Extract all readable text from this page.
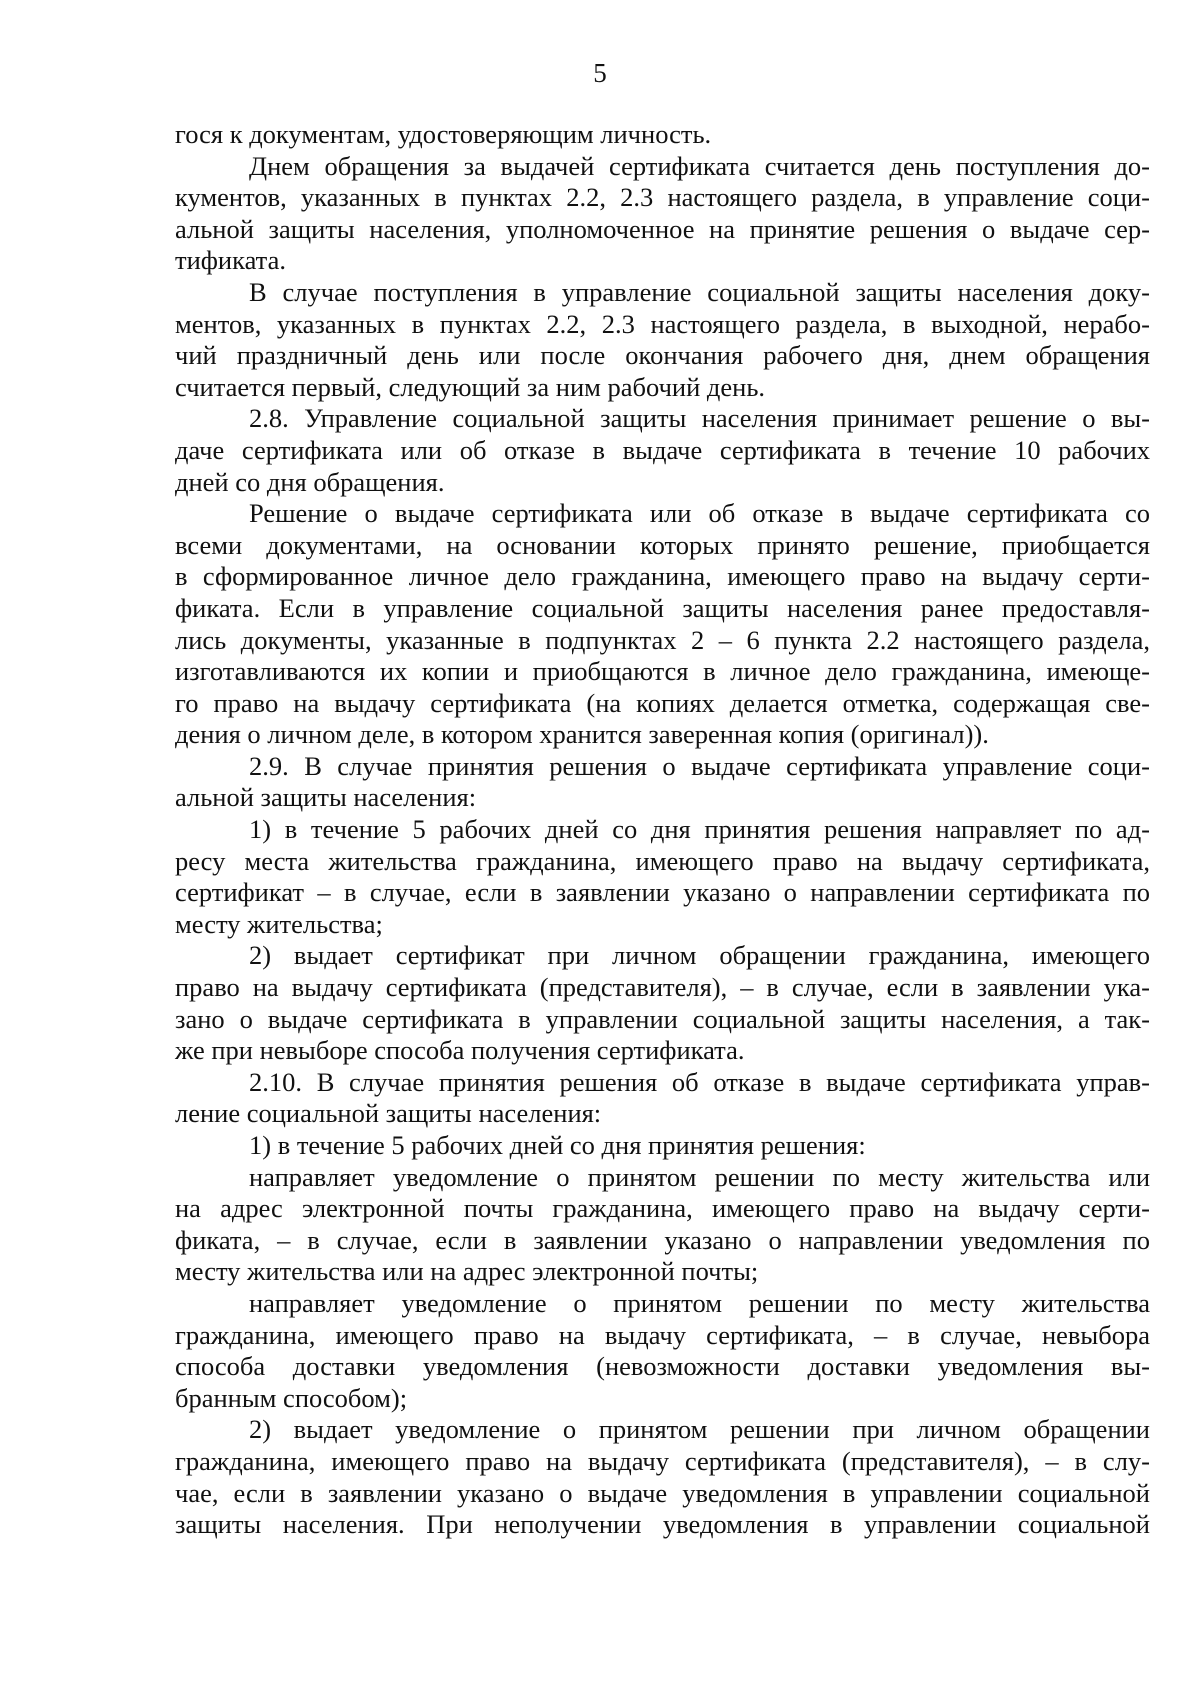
5

гося к документам, удостоверяющим личность.

Днем обращения за выдачей сертификата считается день поступления до-
кументов, указанных в пунктах 2.2, 2.3 настоящего раздела, в управление соци-
альной защиты населения, уполномоченное на принятие решения о выдаче сер-
тификата.

В случае поступления в управление социальной защиты населения доку-
ментов, указанных в пунктах 2.2, 2.3 настоящего раздела, в выходной, нерабо-
чий праздничный день или после окончания рабочего дня, днем обращения
считается первый, следующий за ним рабочий день.

2.8. Управление социальной защиты населения принимает решение о вы-
даче сертификата или об отказе в выдаче сертификата в течение 10 рабочих
дней со дня обращения.

Решение о выдаче сертификата или об отказе в выдаче сертификата со
всеми документами, на основании которых принято решение, приобщается
в сформированное личное дело гражданина, имеющего право на выдачу серти-
фиката. Если в управление социальной защиты населения ранее предоставля-
лись документы, указанные в подпунктах 2 – 6 пункта 2.2 настоящего раздела,
изготавливаются их копии и приобщаются в личное дело гражданина, имеюще-
го право на выдачу сертификата (на копиях делается отметка, содержащая све-
дения о личном деле, в котором хранится заверенная копия (оригинал)).

2.9. В случае принятия решения о выдаче сертификата управление соци-
альной защиты населения:

1) в течение 5 рабочих дней со дня принятия решения направляет по ад-
ресу места жительства гражданина, имеющего право на выдачу сертификата,
сертификат – в случае, если в заявлении указано о направлении сертификата по
месту жительства;

2) выдает сертификат при личном обращении гражданина, имеющего
право на выдачу сертификата (представителя), – в случае, если в заявлении ука-
зано о выдаче сертификата в управлении социальной защиты населения, а так-
же при невыборе способа получения сертификата.

2.10. В случае принятия решения об отказе в выдаче сертификата управ-
ление социальной защиты населения:

1) в течение 5 рабочих дней со дня принятия решения:

направляет уведомление о принятом решении по месту жительства или
на адрес электронной почты гражданина, имеющего право на выдачу серти-
фиката, – в случае, если в заявлении указано о направлении уведомления по
месту жительства или на адрес электронной почты;

направляет уведомление о принятом решении по месту жительства
гражданина, имеющего право на выдачу сертификата, – в случае, невыбора
способа доставки уведомления (невозможности доставки уведомления вы-
бранным способом);

2) выдает уведомление о принятом решении при личном обращении
гражданина, имеющего право на выдачу сертификата (представителя), – в слу-
чае, если в заявлении указано о выдаче уведомления в управлении социальной
защиты населения. При неполучении уведомления в управлении социальной
